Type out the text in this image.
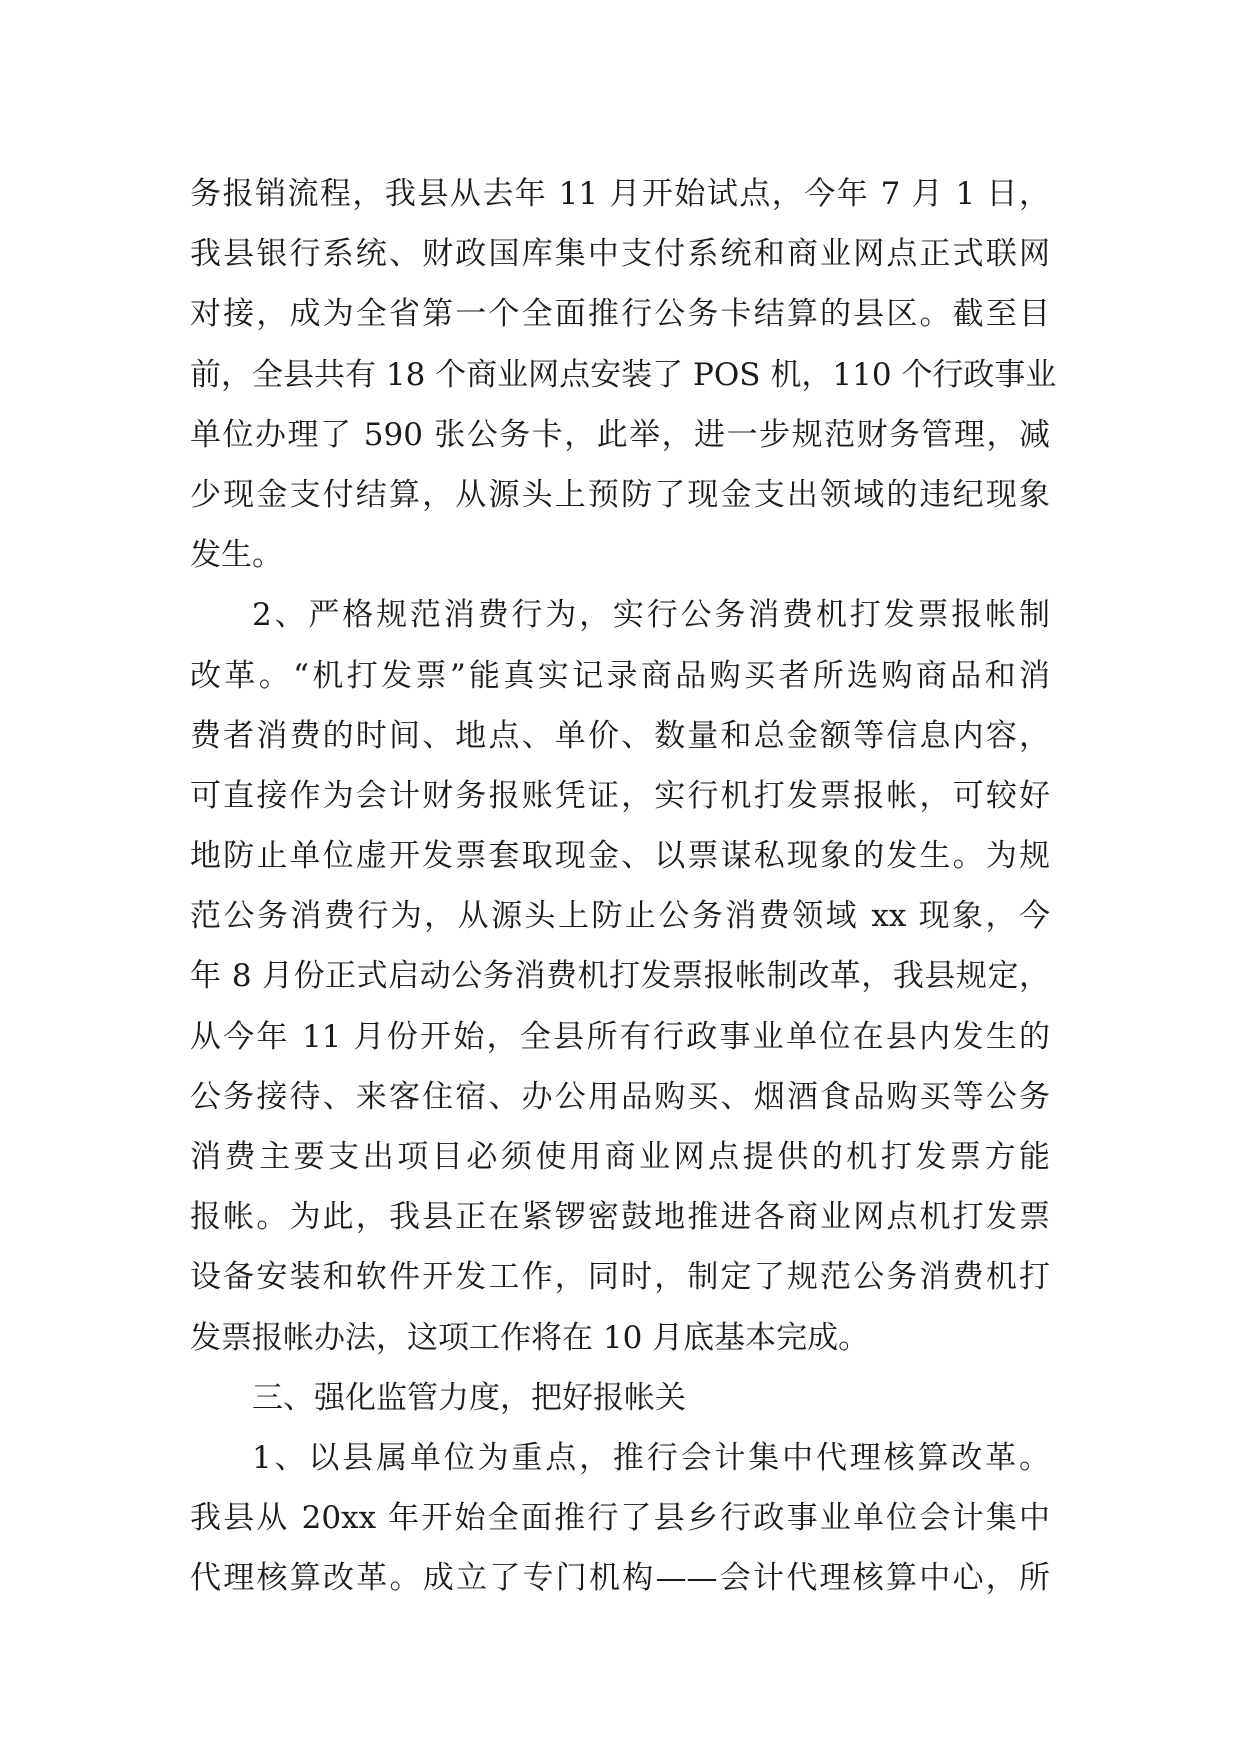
务报销流程，我县从去年 11 月开始试点，今年 7 月 1 日，
我县银行系统、财政国库集中支付系统和商业网点正式联网
对接，成为全省第一个全面推行公务卡结算的县区。截至目
前，全县共有 18 个商业网点安装了 POS 机，110 个行政事业
单位办理了 590 张公务卡，此举，进一步规范财务管理，减
少现金支付结算，从源头上预防了现金支出领域的违纪现象
发生。
2、严格规范消费行为，实行公务消费机打发票报帐制
改革。“机打发票”能真实记录商品购买者所选购商品和消
费者消费的时间、地点、单价、数量和总金额等信息内容，
可直接作为会计财务报账凭证，实行机打发票报帐，可较好
地防止单位虚开发票套取现金、以票谋私现象的发生。为规
范公务消费行为，从源头上防止公务消费领域 xx 现象，今
年 8 月份正式启动公务消费机打发票报帐制改革，我县规定，
从今年 11 月份开始，全县所有行政事业单位在县内发生的
公务接待、来客住宿、办公用品购买、烟酒食品购买等公务
消费主要支出项目必须使用商业网点提供的机打发票方能
报帐。为此，我县正在紧锣密鼓地推进各商业网点机打发票
设备安装和软件开发工作，同时，制定了规范公务消费机打
发票报帐办法，这项工作将在 10 月底基本完成。
三、强化监管力度，把好报帐关
1、以县属单位为重点，推行会计集中代理核算改革。
我县从 20xx 年开始全面推行了县乡行政事业单位会计集中
代理核算改革。成立了专门机构——会计代理核算中心，所
